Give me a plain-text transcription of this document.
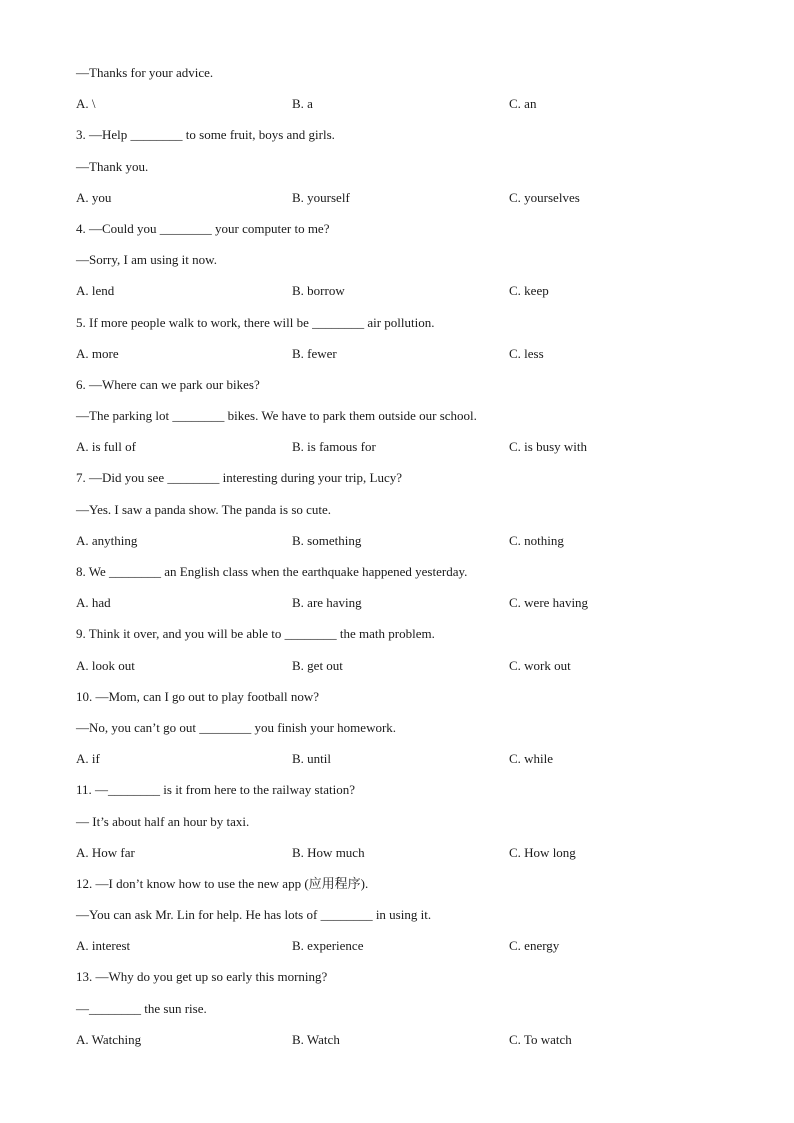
—Thanks for your advice.
A. \	B. a	C. an
3. —Help ________ to some fruit, boys and girls.
—Thank you.
A. you	B. yourself	C. yourselves
4. —Could you ________ your computer to me?
—Sorry, I am using it now.
A. lend	B. borrow	C. keep
5. If more people walk to work, there will be ________ air pollution.
A. more	B. fewer	C. less
6. —Where can we park our bikes?
—The parking lot ________ bikes. We have to park them outside our school.
A. is full of	B. is famous for	C. is busy with
7. —Did you see ________ interesting during your trip, Lucy?
—Yes. I saw a panda show. The panda is so cute.
A. anything	B. something	C. nothing
8. We ________ an English class when the earthquake happened yesterday.
A. had	B. are having	C. were having
9. Think it over, and you will be able to ________ the math problem.
A. look out	B. get out	C. work out
10. —Mom, can I go out to play football now?
—No, you can’t go out ________ you finish your homework.
A. if	B. until	C. while
11. —________ is it from here to the railway station?
— It’s about half an hour by taxi.
A. How far	B. How much	C. How long
12. —I don’t know how to use the new app (应用程序).
—You can ask Mr. Lin for help. He has lots of ________ in using it.
A. interest	B. experience	C. energy
13. —Why do you get up so early this morning?
—________ the sun rise.
A. Watching	B. Watch	C. To watch
